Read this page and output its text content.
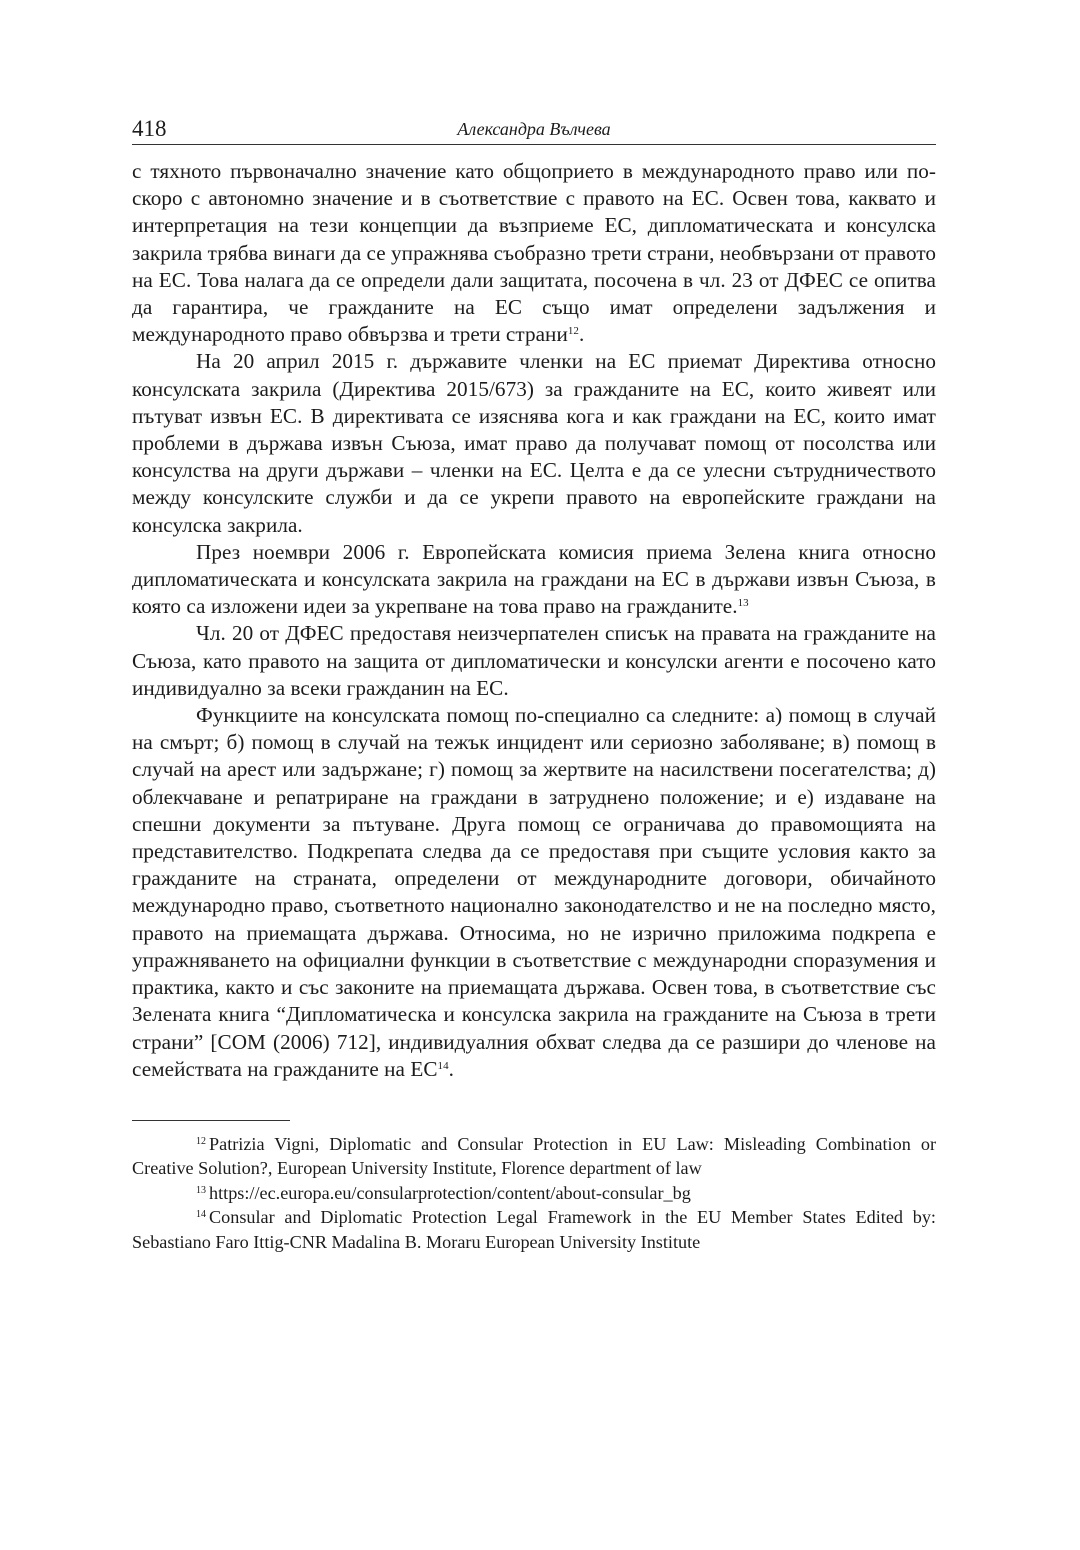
418	Александра Вълчева

с тяхното първоначално значение като общоприето в международното право или по-скоро с автономно значение и в съответствие с правото на ЕС. Освен това, каквато и интерпретация на тези концепции да възприеме ЕС, дипломатическата и консулска закрила трябва винаги да се упражнява съобразно трети страни, необвързани от правото на ЕС. Това налага да се определи дали защитата, посочена в чл. 23 от ДФЕС се опитва да гарантира, че гражданите на ЕС също имат определени задължения и международното право обвързва и трети страни$^{12}$.

На 20 април 2015 г. държавите членки на ЕС приемат Директива относно консулската закрила (Директива 2015/673) за гражданите на ЕС, които живеят или пътуват извън ЕС. В директивата се изяснява кога и как граждани на ЕС, които имат проблеми в държава извън Съюза, имат право да получават помощ от посолства или консулства на други държави – членки на ЕС. Целта е да се улесни сътрудничеството между консулските служби и да се укрепи правото на европейските граждани на консулска закрила.

През ноември 2006 г. Европейската комисия приема Зелена книга относно дипломатическата и консулската закрила на граждани на ЕС в държави извън Съюза, в която са изложени идеи за укрепване на това право на гражданите.$^{13}$

Чл. 20 от ДФЕС предоставя неизчерпателен списък на правата на гражданите на Съюза, като правото на защита от дипломатически и консулски агенти е посочено като индивидуално за всеки гражданин на ЕС.

Функциите на консулската помощ по-специално са следните: а) помощ в случай на смърт; б) помощ в случай на тежък инцидент или сериозно заболяване; в) помощ в случай на арест или задържане; г) помощ за жертвите на насилствени посегателства; д) облекчаване и репатриране на граждани в затруднено положение; и е) издаване на спешни документи за пътуване. Друга помощ се ограничава до правомощията на представителство. Подкрепата следва да се предоставя при същите условия както за гражданите на страната, определени от международните договори, обичайното международно право, съответното национално законодателство и не на последно място, правото на приемащата държава. Относима, но не изрично приложима подкрепа е упражняването на официални функции в съответствие с международни споразумения и практика, както и със законите на приемащата държава. Освен това, в съответствие със Зелената книга “Дипломатическа и консулска закрила на гражданите на Съюза в трети страни” [COM (2006) 712], индивидуалния обхват следва да се разшири до членове на семействата на гражданите на ЕС$^{14}$.

$^{12}$ Patrizia Vigni, Diplomatic and Consular Protection in EU Law: Misleading Combination or Creative Solution?, European University Institute, Florence department of law

$^{13}$ https://ec.europa.eu/consularprotection/content/about-consular_bg

$^{14}$ Consular and Diplomatic Protection Legal Framework in the EU Member States Edited by: Sebastiano Faro Ittig-CNR Madalina B. Moraru European University Institute
